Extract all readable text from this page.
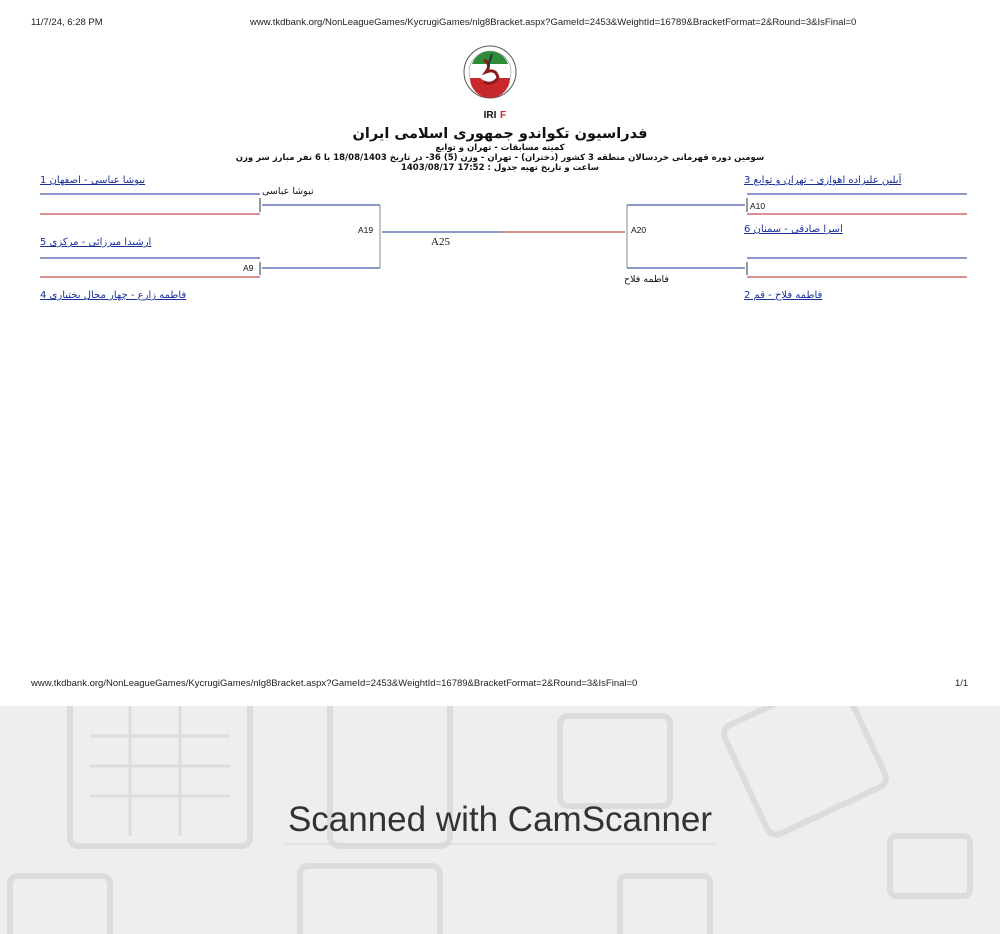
11/7/24, 6:28 PM	www.tkdbank.org/NonLeagueGames/KycrugiGames/nlg8Bracket.aspx?GameId=2453&WeightId=16789&BracketFormat=2&Round=3&IsFinal=0
IRI F
فدراسیون تکواندو جمهوری اسلامی ایران
کمیته مسابقات - تهران و توابع
سومین دوره قهرمانی خردسالان منطقه 3 کشور (دختران) - تهران - وزن (5) 36- در تاریخ 18/08/1403 با 6 نفر مبارز سر وزن
ساعت و تاریخ تهیه جدول : 17:52 1403/08/17
نیوشا عباسی - اصفهان 1
ارشیدا میرزائی - مرکزی 5
فاطمه زارع - چهار محال بختیاری 4
آیلین علیزاده اهوازی - تهران و توابع 3
اسرا صادقی - سمنان 6
فاطمه فلاح - قم 2
A9
A10
A19	A20
A25
نیوشا عباسی
فاطمه فلاح
www.tkdbank.org/NonLeagueGames/KycrugiGames/nlg8Bracket.aspx?GameId=2453&WeightId=16789&BracketFormat=2&Round=3&IsFinal=0	1/1
Scanned with CamScanner
